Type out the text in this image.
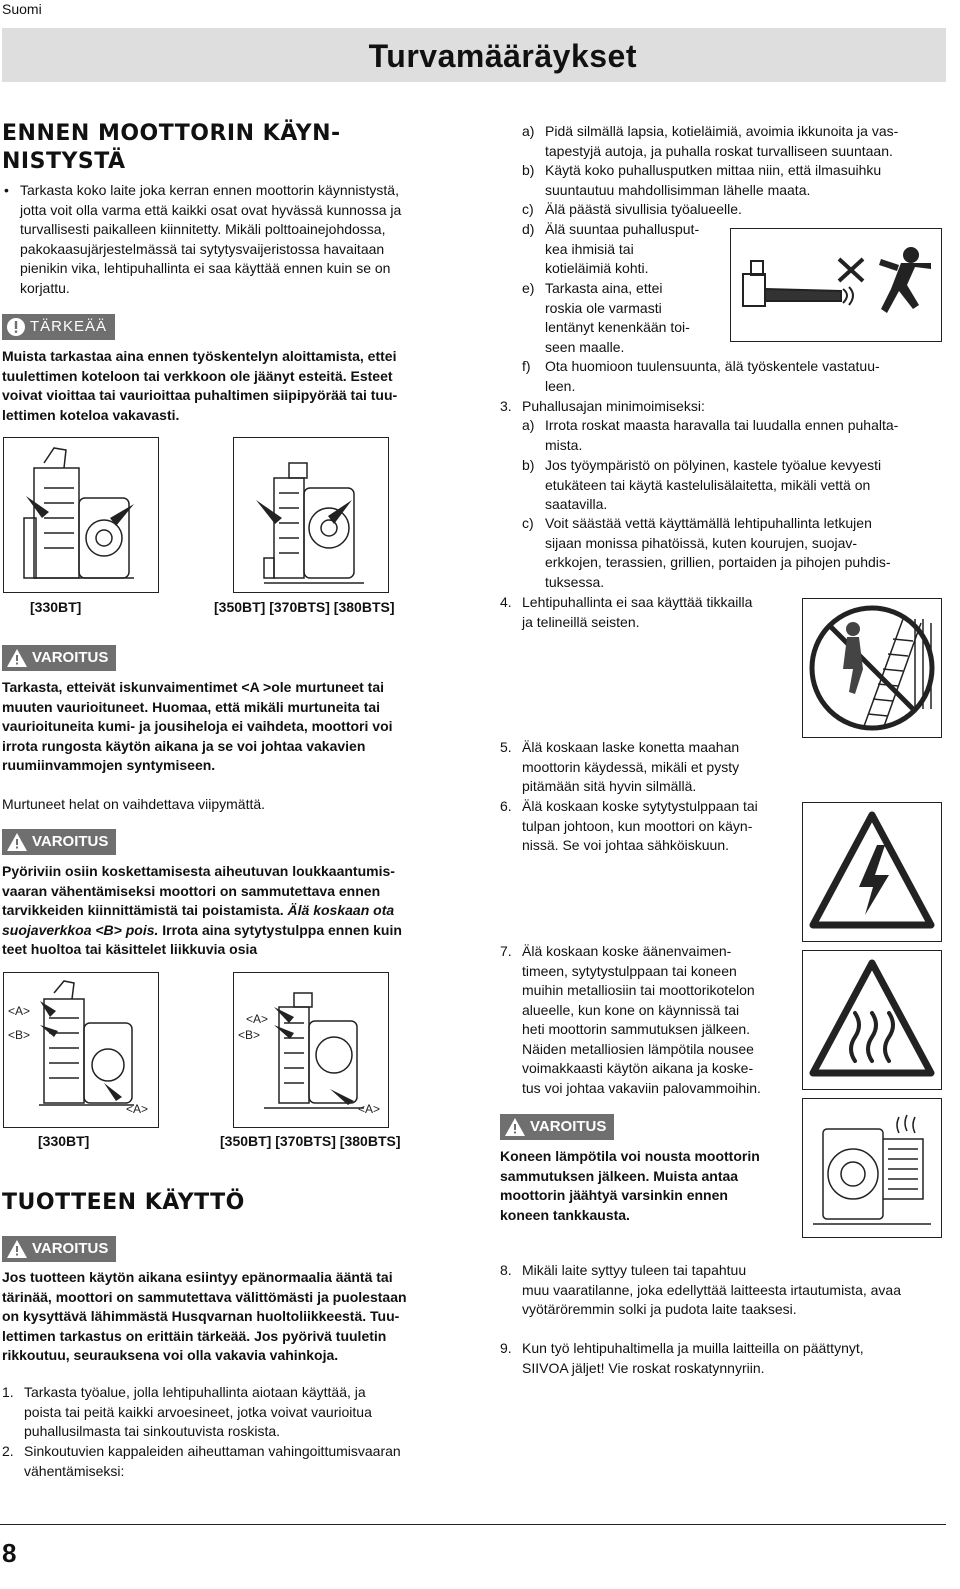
Suomi
Turvamääräykset
ENNEN MOOTTORIN KÄYN-
NISTYSTÄ
• Tarkasta koko laite joka kerran ennen moottorin käynnistystä,
jotta voit olla varma että kaikki osat ovat hyvässä kunnossa ja
turvallisesti paikalleen kiinnitetty. Mikäli polttoainejohdossa,
pakokaasujärjestelmässä tai sytytysvaijeristossa havaitaan
pienikin vika, lehtipuhallinta ei saa käyttää ennen kuin se on
korjattu.
TÄRKEÄÄ
Muista tarkastaa aina ennen työskentelyn aloittamista, ettei
tuulettimen koteloon tai verkkoon ole jäänyt esteitä. Esteet
voivat vioittaa tai vaurioittaa puhaltimen siipipyörää tai tuu-
lettimen koteloa vakavasti.
[330BT]	[350BT] [370BTS] [380BTS]
VAROITUS
Tarkasta, etteivät iskunvaimentimet <A >ole murtuneet tai
muuten vaurioituneet. Huomaa, että mikäli murtuneita tai
vaurioituneita kumi- ja jousiheloja ei vaihdeta, moottori voi
irrota rungosta käytön aikana ja se voi johtaa vakavien
ruumiinvammojen syntymiseen.
Murtuneet helat on vaihdettava viipymättä.
VAROITUS
Pyöriviin osiin koskettamisesta aiheutuvan loukkaantumis-
vaaran vähentämiseksi moottori on sammutettava ennen
tarvikkeiden kiinnittämistä tai poistamista. Älä koskaan ota
suojaverkkoa <B> pois. Irrota aina sytytystulppa ennen kuin
teet huoltoa tai käsittelet liikkuvia osia
<A>
<B>
<A>
<A>
<B>
<A>
[330BT]	[350BT] [370BTS] [380BTS]
TUOTTEEN KÄYTTÖ
VAROITUS
Jos tuotteen käytön aikana esiintyy epänormaalia ääntä tai
tärinää, moottori on sammutettava välittömästi ja puolestaan
on kysyttävä lähimmästä Husqvarnan huoltoliikkeestä. Tuu-
lettimen tarkastus on erittäin tärkeää. Jos pyörivä tuuletin
rikkoutuu, seurauksena voi olla vakavia vahinkoja.
1. Tarkasta työalue, jolla lehtipuhallinta aiotaan käyttää, ja
poista tai peitä kaikki arvoesineet, jotka voivat vaurioitua
puhallusilmasta tai sinkoutuvista roskista.
2. Sinkoutuvien kappaleiden aiheuttaman vahingoittumisvaaran
vähentämiseksi:
a) Pidä silmällä lapsia, kotieläimiä, avoimia ikkunoita ja vas-
tapestyjä autoja, ja puhalla roskat turvalliseen suuntaan.
b) Käytä koko puhallusputken mittaa niin, että ilmasuihku
suuntautuu mahdollisimman lähelle maata.
c) Älä päästä sivullisia työalueelle.
d) Älä suuntaa puhallusput-
kea ihmisiä tai
kotieläimiä kohti.
e) Tarkasta aina, ettei
roskia ole varmasti
lentänyt kenenkään toi-
seen maalle.
f) Ota huomioon tuulensuunta, älä työskentele vastatuu-
leen.
3. Puhallusajan minimoimiseksi:
a) Irrota roskat maasta haravalla tai luudalla ennen puhalta-
mista.
b) Jos työympäristö on pölyinen, kastele työalue kevyesti
etukäteen tai käytä kastelulisälaitetta, mikäli vettä on
saatavilla.
c) Voit säästää vettä käyttämällä lehtipuhallinta letkujen
sijaan monissa pihatöissä, kuten kourujen, suojav-
erkkojen, terassien, grillien, portaiden ja pihojen puhdis-
tuksessa.
4. Lehtipuhallinta ei saa käyttää tikkailla
ja telineillä seisten.
5. Älä koskaan laske konetta maahan
moottorin käydessä, mikäli et pysty
pitämään sitä hyvin silmällä.
6. Älä koskaan koske sytytystulppaan tai
tulpan johtoon, kun moottori on käyn-
nissä. Se voi johtaa sähköiskuun.
7. Älä koskaan koske äänenvaimen-
timeen, sytytystulppaan tai koneen
muihin metalliosiin tai moottorikotelon
alueelle, kun kone on käynnissä tai
heti moottorin sammutuksen jälkeen.
Näiden metalliosien lämpötila nousee
voimakkaasti käytön aikana ja koske-
tus voi johtaa vakaviin palovammoihin.
VAROITUS
Koneen lämpötila voi nousta moottorin
sammutuksen jälkeen. Muista antaa
moottorin jäähtyä varsinkin ennen
koneen tankkausta.
8. Mikäli laite syttyy tuleen tai tapahtuu
muu vaaratilanne, joka edellyttää laitteesta irtautumista, avaa
vyötäröremmin solki ja pudota laite taaksesi.
9. Kun työ lehtipuhaltimella ja muilla laitteilla on päättynyt,
SIIVOA jäljet! Vie roskat roskatynnyriin.
8
